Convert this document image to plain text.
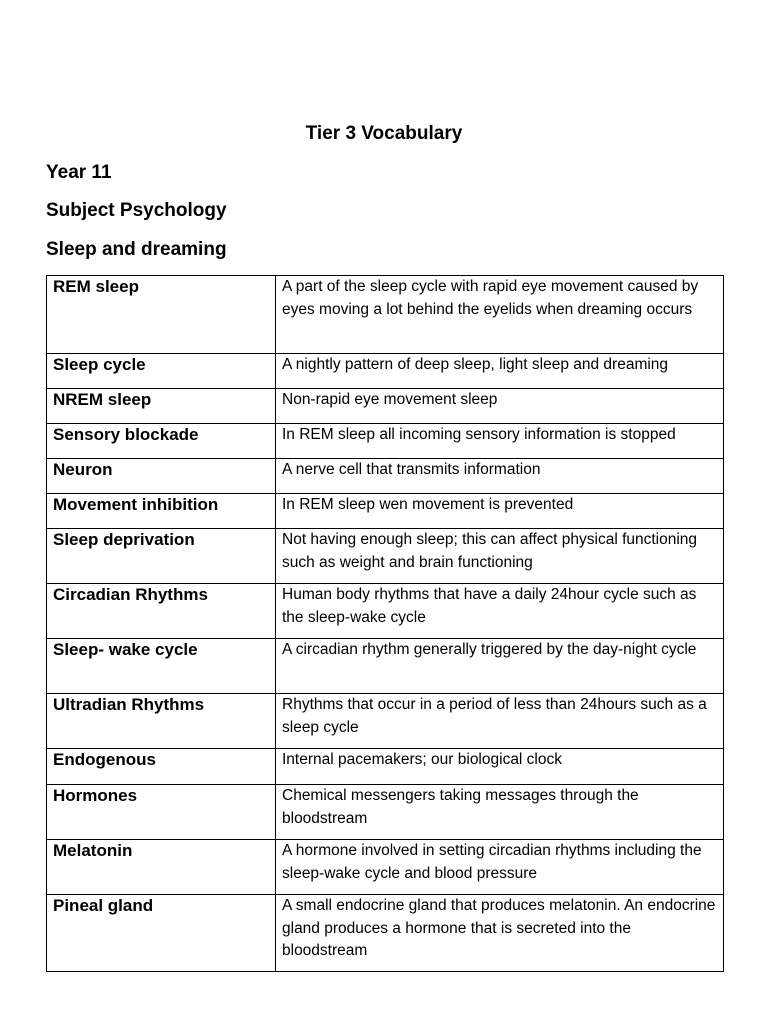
Tier 3 Vocabulary
Year 11
Subject Psychology
Sleep and dreaming
REM sleep	A part of the sleep cycle with rapid eye movement caused by eyes moving a lot behind the eyelids when dreaming occurs
Sleep cycle	A nightly pattern of deep sleep, light sleep and dreaming
NREM sleep	Non-rapid eye movement sleep
Sensory blockade	In REM sleep all incoming sensory information is stopped
Neuron	A nerve cell that transmits information
Movement inhibition	In REM sleep wen movement is prevented
Sleep deprivation	Not having enough sleep; this can affect physical functioning such as weight and brain functioning
Circadian Rhythms	Human body rhythms that have a daily 24hour cycle such as the sleep-wake cycle
Sleep- wake cycle	A circadian rhythm generally triggered by the day-night cycle
Ultradian Rhythms	Rhythms that occur in a period of less than 24hours such as a sleep cycle
Endogenous	Internal pacemakers; our biological clock
Hormones	Chemical messengers taking messages through the bloodstream
Melatonin	A hormone involved in setting circadian rhythms including the sleep-wake cycle and blood pressure
Pineal gland	A small endocrine gland that produces melatonin. An endocrine gland produces a hormone that is secreted into the bloodstream
